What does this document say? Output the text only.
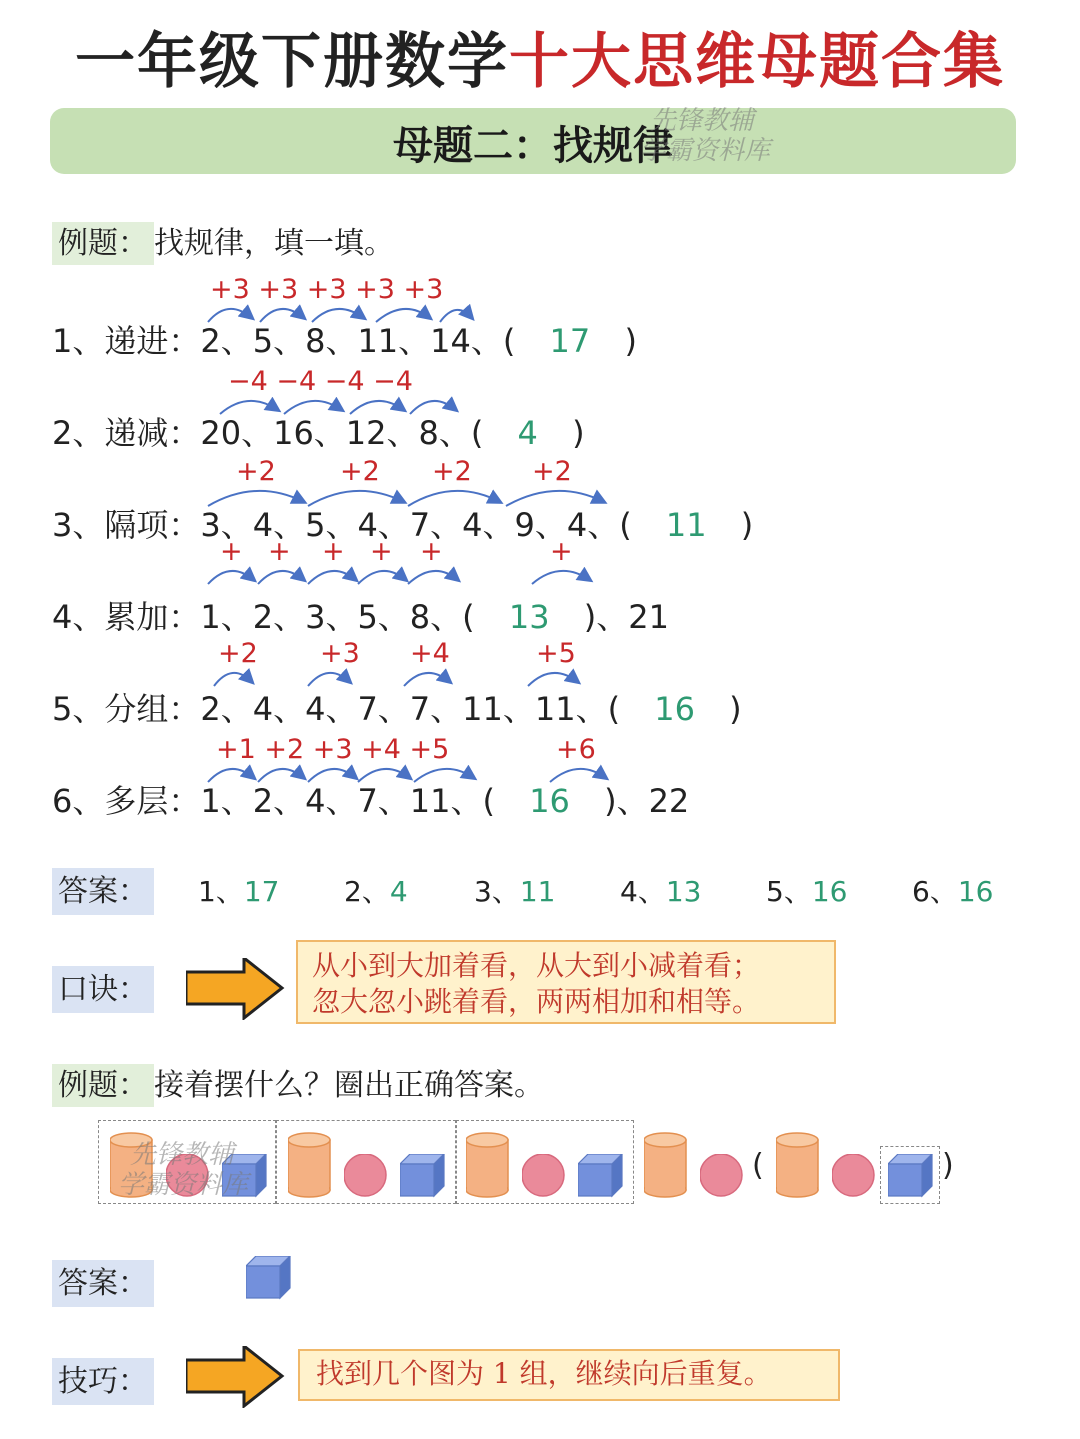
一年级下册数学十大思维母题合集
母题二：找规律
先锋教辅
学霸资料库
例题： 找规律，填一填。
+3 +3 +3 +3 +3
1、递进：2、5、8、11、14、( 17 )
−4 −4 −4 −4
2、递减：20、16、12、8、( 4 )
+2 +2 +2 +2
3、隔项：3、4、5、4、7、4、9、4、( 11 )
+ + + + +	+
4、累加：1、2、3、5、8、( 13 )、21
+2 +3 +4	+5
5、分组：2、4、4、7、7、11、11、( 16 )
+1 +2 +3 +4 +5	+6
6、多层：1、2、4、7、11、( 16 )、22
答案： 1、17 2、4 3、11 4、13 5、16 6、16
口诀：
从小到大加着看，从大到小减着看；
忽大忽小跳着看，两两相加和相等。
例题： 接着摆什么？圈出正确答案。
(	)
先锋教辅
学霸资料库
答案：
技巧：	找到几个图为 1 组，继续向后重复。
